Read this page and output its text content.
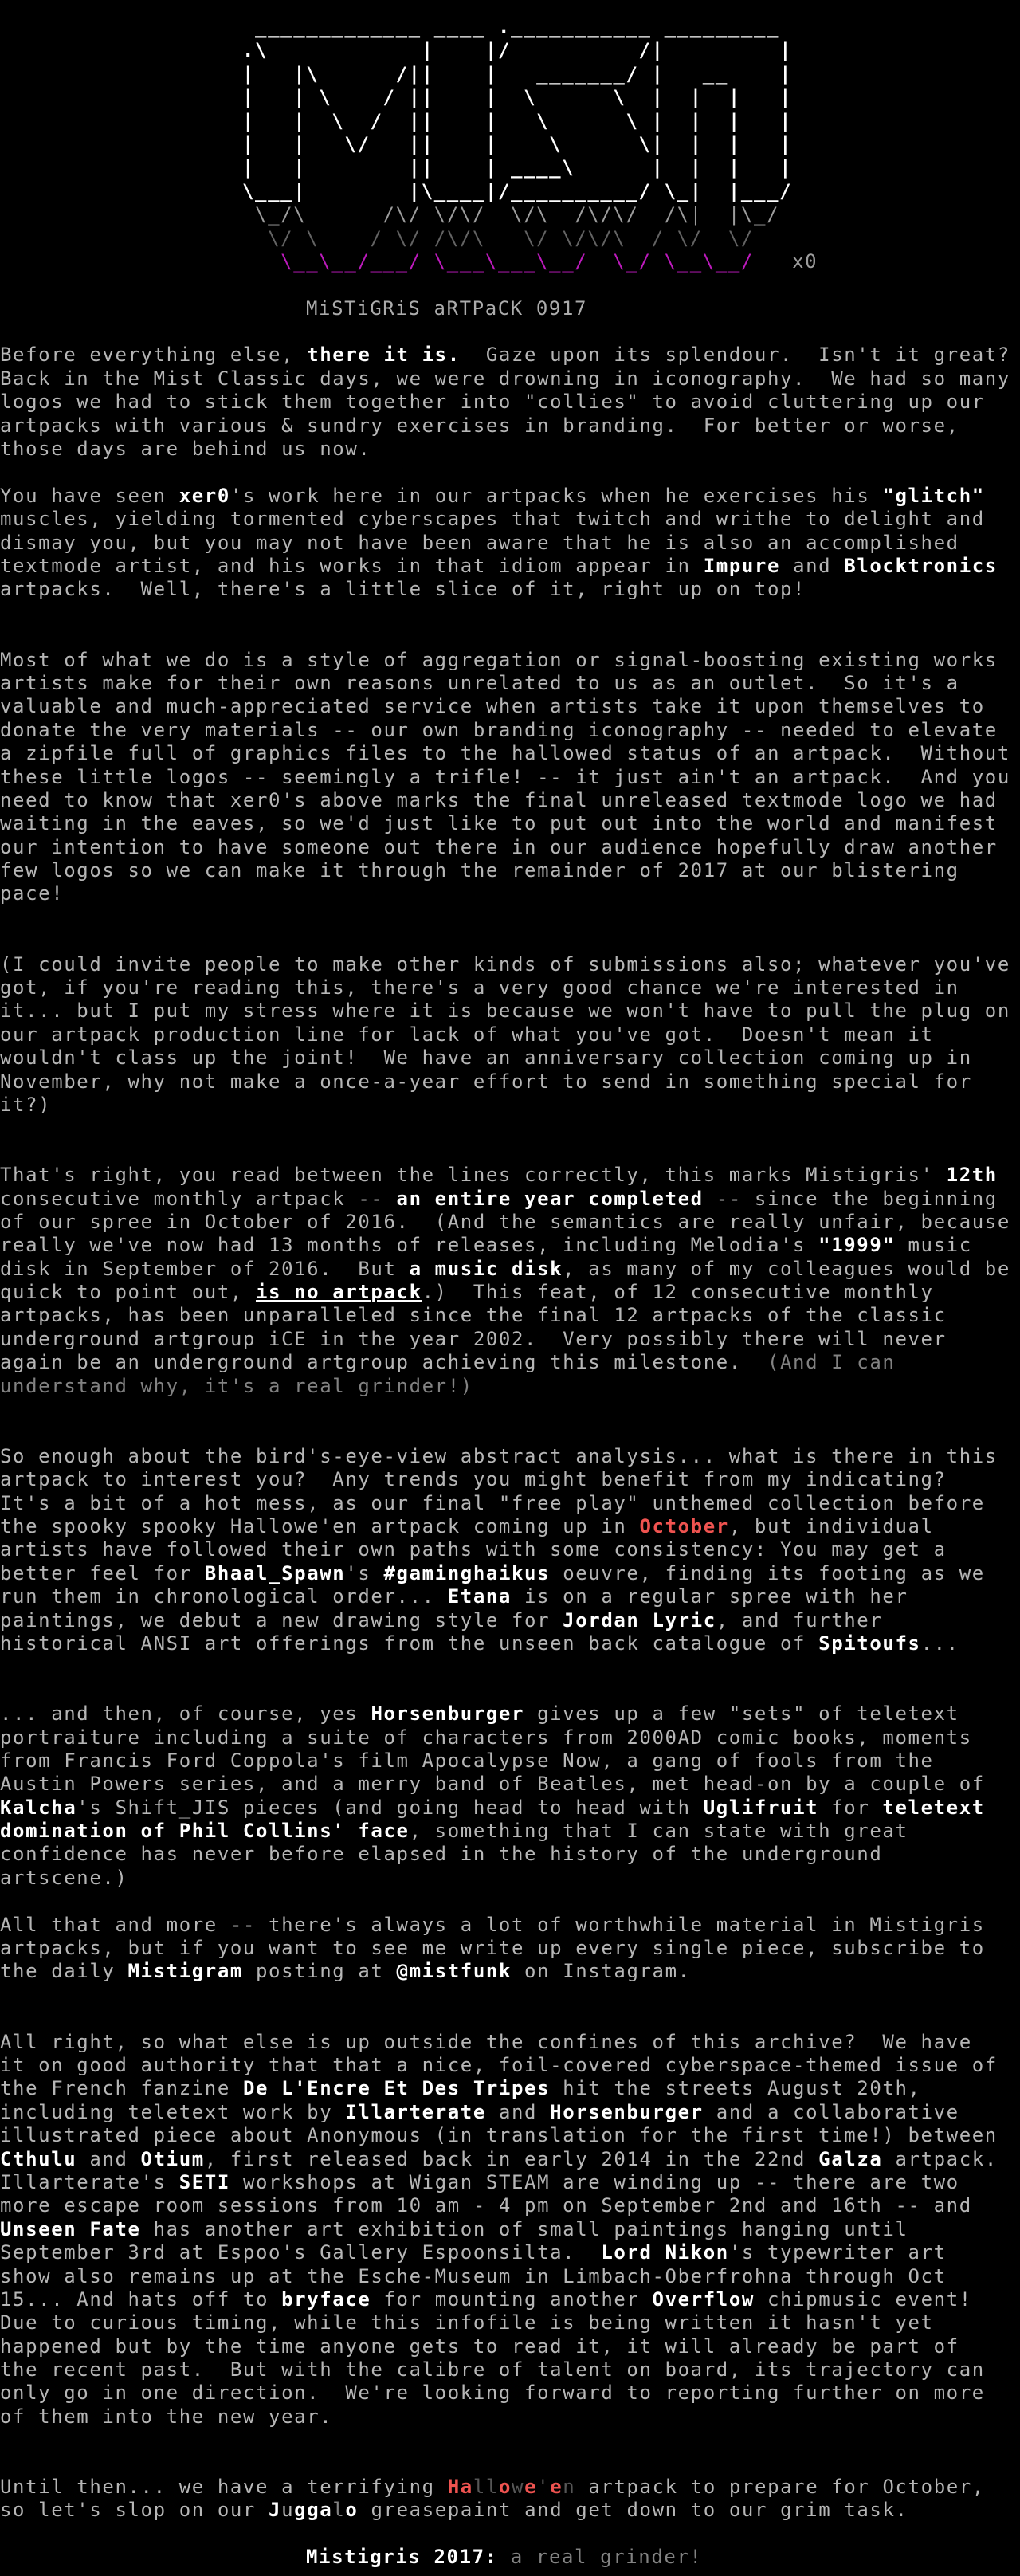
_____________ ____ .___________ _________
.\            |    |/          /|         |
|   |\      /||    |   _______/ |   __    |
|   | \    / ||    |  \      \  |  |  |   |
|   |  \  /  ||    |   \      \ |  |  |   |
|   |   \/   ||    |    \      \|  |  |   |
|   |        ||    | ____\      |  |  |   |
\___|        |\____|/__________/ \_|  |___/
\_/\      /\/ \/\/  \/\  /\/\/  /\|  |\_/
\/ \    / \/ /\/\   \/ \/\/\  / \/  \/
\__\__/___/ \___\___\__/  \_/ \__\__/   x0
MiSTiGRiS aRTPaCK 0917
Before everything else, there it is.  Gaze upon its splendour.  Isn't it great?
Back in the Mist Classic days, we were drowning in iconography.  We had so many
logos we had to stick them together into "collies" to avoid cluttering up our
artpacks with various & sundry exercises in branding.  For better or worse,
those days are behind us now.
You have seen xer0's work here in our artpacks when he exercises his "glitch"
muscles, yielding tormented cyberscapes that twitch and writhe to delight and
dismay you, but you may not have been aware that he is also an accomplished
textmode artist, and his works in that idiom appear in Impure and Blocktronics
artpacks.  Well, there's a little slice of it, right up on top!
Most of what we do is a style of aggregation or signal-boosting existing works
artists make for their own reasons unrelated to us as an outlet.  So it's a
valuable and much-appreciated service when artists take it upon themselves to
donate the very materials -- our own branding iconography -- needed to elevate
a zipfile full of graphics files to the hallowed status of an artpack.  Without
these little logos -- seemingly a trifle! -- it just ain't an artpack.  And you
need to know that xer0's above marks the final unreleased textmode logo we had
waiting in the eaves, so we'd just like to put out into the world and manifest
our intention to have someone out there in our audience hopefully draw another
few logos so we can make it through the remainder of 2017 at our blistering
pace!
(I could invite people to make other kinds of submissions also; whatever you've
got, if you're reading this, there's a very good chance we're interested in
it... but I put my stress where it is because we won't have to pull the plug on
our artpack production line for lack of what you've got.  Doesn't mean it
wouldn't class up the joint!  We have an anniversary collection coming up in
November, why not make a once-a-year effort to send in something special for
it?)
That's right, you read between the lines correctly, this marks Mistigris' 12th
consecutive monthly artpack -- an entire year completed -- since the beginning
of our spree in October of 2016.  (And the semantics are really unfair, because
really we've now had 13 months of releases, including Melodia's "1999" music
disk in September of 2016.  But a music disk, as many of my colleagues would be
quick to point out, is no artpack.)  This feat, of 12 consecutive monthly
artpacks, has been unparalleled since the final 12 artpacks of the classic
underground artgroup iCE in the year 2002.  Very possibly there will never
again be an underground artgroup achieving this milestone.  (And I can
understand why, it's a real grinder!)
So enough about the bird's-eye-view abstract analysis... what is there in this
artpack to interest you?  Any trends you might benefit from my indicating?
It's a bit of a hot mess, as our final "free play" unthemed collection before
the spooky spooky Hallowe'en artpack coming up in October, but individual
artists have followed their own paths with some consistency: You may get a
better feel for Bhaal_Spawn's #gaminghaikus oeuvre, finding its footing as we
run them in chronological order... Etana is on a regular spree with her
paintings, we debut a new drawing style for Jordan Lyric, and further
historical ANSI art offerings from the unseen back catalogue of Spitoufs...
... and then, of course, yes Horsenburger gives up a few "sets" of teletext
portraiture including a suite of characters from 2000AD comic books, moments
from Francis Ford Coppola's film Apocalypse Now, a gang of fools from the
Austin Powers series, and a merry band of Beatles, met head-on by a couple of
Kalcha's Shift_JIS pieces (and going head to head with Uglifruit for teletext
domination of Phil Collins' face, something that I can state with great
confidence has never before elapsed in the history of the underground
artscene.)
All that and more -- there's always a lot of worthwhile material in Mistigris
artpacks, but if you want to see me write up every single piece, subscribe to
the daily Mistigram posting at @mistfunk on Instagram.
All right, so what else is up outside the confines of this archive?  We have
it on good authority that that a nice, foil-covered cyberspace-themed issue of
the French fanzine De L'Encre Et Des Tripes hit the streets August 20th,
including teletext work by Illarterate and Horsenburger and a collaborative
illustrated piece about Anonymous (in translation for the first time!) between
Cthulu and Otium, first released back in early 2014 in the 22nd Galza artpack.
Illarterate's SETI workshops at Wigan STEAM are winding up -- there are two
more escape room sessions from 10 am - 4 pm on September 2nd and 16th -- and
Unseen Fate has another art exhibition of small paintings hanging until
September 3rd at Espoo's Gallery Espoonsilta.  Lord Nikon's typewriter art
show also remains up at the Esche-Museum in Limbach-Oberfrohna through Oct
15... And hats off to bryface for mounting another Overflow chipmusic event!
Due to curious timing, while this infofile is being written it hasn't yet
happened but by the time anyone gets to read it, it will already be part of
the recent past.  But with the calibre of talent on board, its trajectory can
only go in one direction.  We're looking forward to reporting further on more
of them into the new year.
Until then... we have a terrifying Hallowe'en artpack to prepare for October,
so let's slop on our Juggalo greasepaint and get down to our grim task.
Mistigris 2017: a real grinder!
